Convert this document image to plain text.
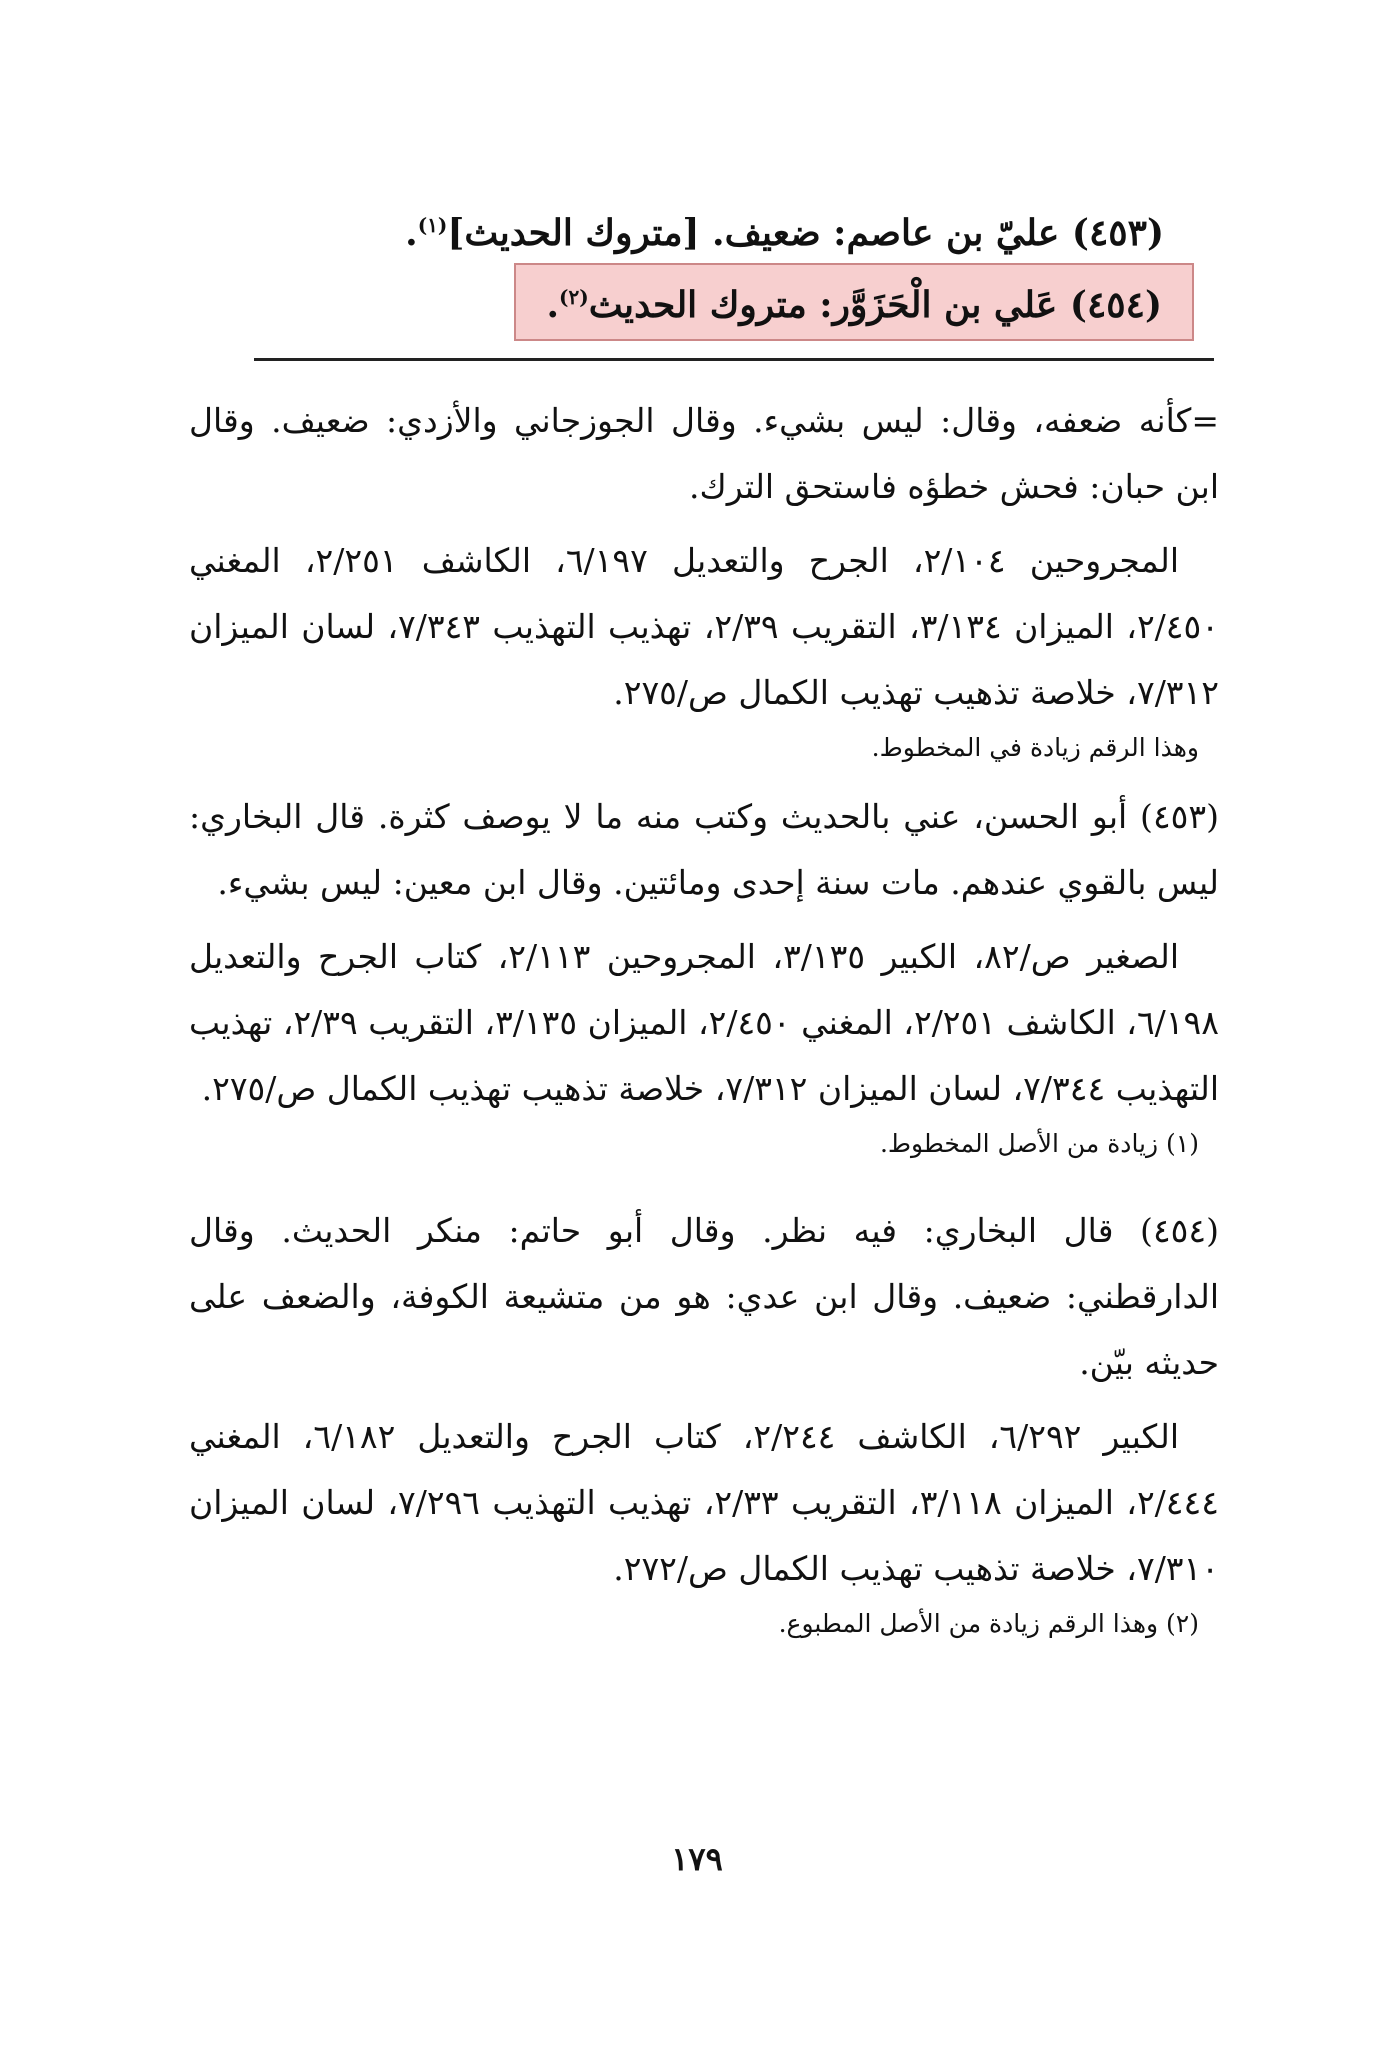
(٤٥٣) عليّ بن عاصم: ضعيف. [متروك الحديث]$^{(١)}$.
(٤٥٤) عَلي بن الْحَزَوَّر: متروك الحديث$^{(٢)}$.

=كأنه ضعفه، وقال: ليس بشيء. وقال الجوزجاني والأزدي: ضعيف. وقال ابن حبان: فحش خطؤه فاستحق الترك.

المجروحين ٢/١٠٤، الجرح والتعديل ٦/١٩٧، الكاشف ٢/٢٥١، المغني ٢/٤٥٠، الميزان ٣/١٣٤، التقريب ٢/٣٩، تهذيب التهذيب ٧/٣٤٣، لسان الميزان ٧/٣١٢، خلاصة تذهيب تهذيب الكمال ص/٢٧٥.

وهذا الرقم زيادة في المخطوط.

(٤٥٣) أبو الحسن، عني بالحديث وكتب منه ما لا يوصف كثرة. قال البخاري: ليس بالقوي عندهم. مات سنة إحدى ومائتين. وقال ابن معين: ليس بشيء.

الصغير ص/٨٢، الكبير ٣/١٣٥، المجروحين ٢/١١٣، كتاب الجرح والتعديل ٦/١٩٨، الكاشف ٢/٢٥١، المغني ٢/٤٥٠، الميزان ٣/١٣٥، التقريب ٢/٣٩، تهذيب التهذيب ٧/٣٤٤، لسان الميزان ٧/٣١٢، خلاصة تذهيب تهذيب الكمال ص/٢٧٥.

(١) زيادة من الأصل المخطوط.

(٤٥٤) قال البخاري: فيه نظر. وقال أبو حاتم: منكر الحديث. وقال الدارقطني: ضعيف. وقال ابن عدي: هو من متشيعة الكوفة، والضعف على حديثه بيّن.

الكبير ٦/٢٩٢، الكاشف ٢/٢٤٤، كتاب الجرح والتعديل ٦/١٨٢، المغني ٢/٤٤٤، الميزان ٣/١١٨، التقريب ٢/٣٣، تهذيب التهذيب ٧/٢٩٦، لسان الميزان ٧/٣١٠، خلاصة تذهيب تهذيب الكمال ص/٢٧٢.

(٢) وهذا الرقم زيادة من الأصل المطبوع.

١٧٩
